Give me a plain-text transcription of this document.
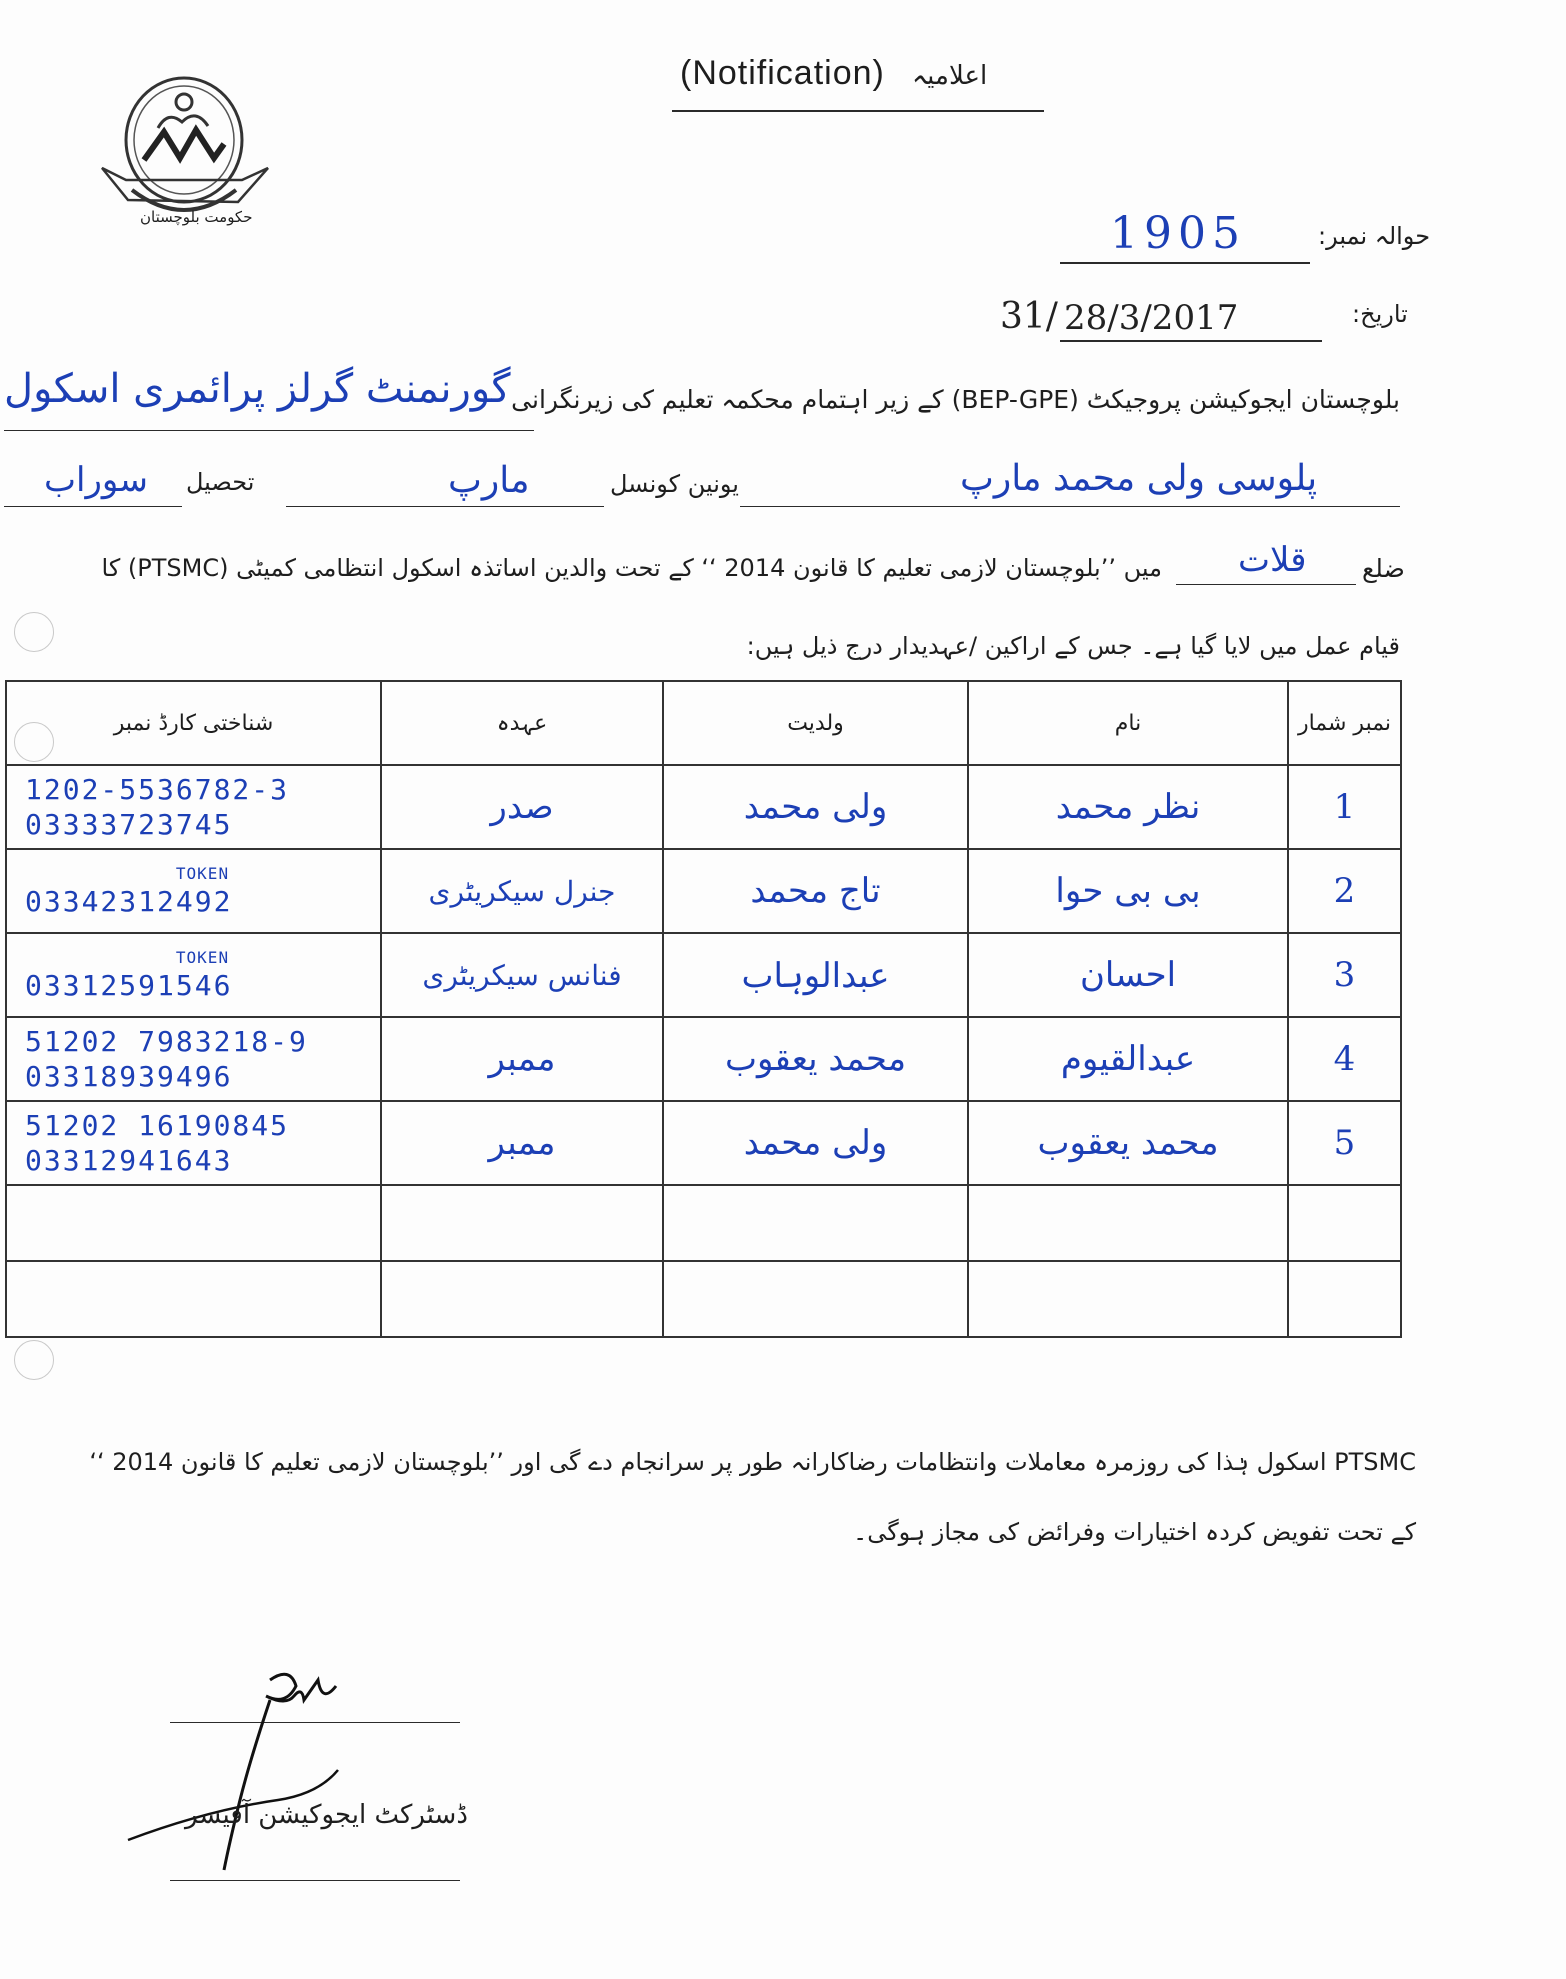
حکومت بلوچستان
(Notification) اعلامیہ
حوالہ نمبر:
1905
تاریخ:
31/ 28/3/2017
بلوچستان ایجوکیشن پروجیکٹ (BEP-GPE) کے زیر اہتمام محکمہ تعلیم کی زیرنگرانی
گورنمنٹ گرلز پرائمری اسکول
پلوسی ولی محمد مارپ
یونین کونسل
مارپ
تحصیل
سوراب
ضلع
قلات
میں ’’بلوچستان لازمی تعلیم کا قانون 2014 ‘‘ کے تحت والدین اساتذہ اسکول انتظامی کمیٹی (PTSMC) کا
قیام عمل میں لایا گیا ہے۔ جس کے اراکین /عہدیدار درج ذیل ہیں:
شناختی کارڈ نمبر	عہدہ	ولدیت	نام	نمبر شمار
1202-5536782-3
03333723745	صدر	ولی محمد	نظر محمد	1

TOKEN
03342312492	جنرل سیکریٹری	تاج محمد	بی بی حوا	2

TOKEN
03312591546	فنانس سیکریٹری	عبدالوہاب	احسان	3
51202 7983218-9
03318939496	ممبر	محمد یعقوب	عبدالقیوم	4
51202 16190845
03312941643	ممبر	ولی محمد	محمد یعقوب	5

PTSMC اسکول ہٰذا کی روزمرہ معاملات وانتظامات رضاکارانہ طور پر سرانجام دے گی اور ’’بلوچستان لازمی تعلیم کا قانون 2014 ‘‘
کے تحت تفویض کردہ اختیارات وفرائض کی مجاز ہوگی۔
ڈسٹرکٹ ایجوکیشن آفیسر
